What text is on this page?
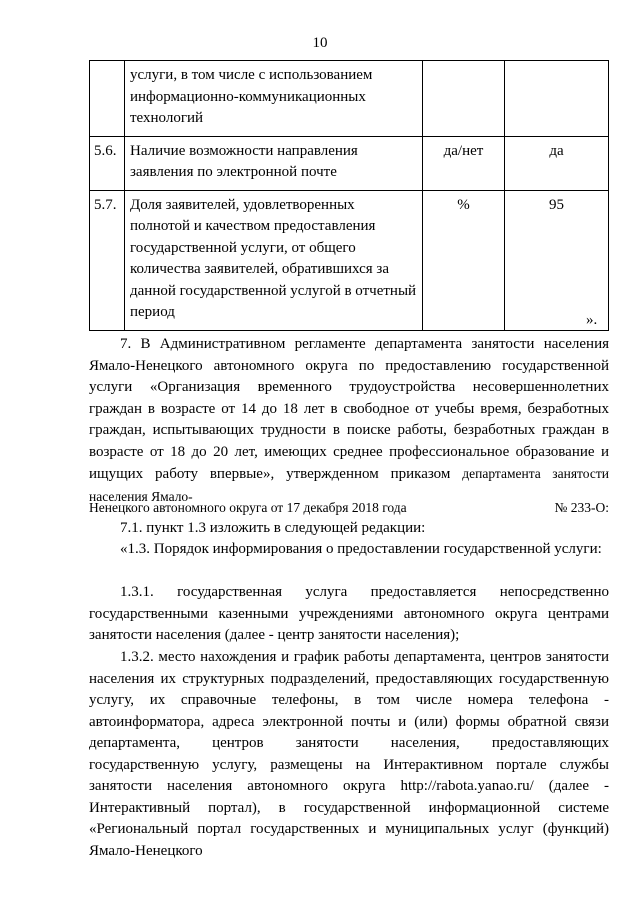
10
	услуги, в том числе с использованием информационно-коммуникационных технологий		
5.6.	Наличие возможности направления заявления по электронной почте	да/нет	да
5.7.	Доля заявителей, удовлетворенных полнотой и качеством предоставления государственной услуги, от общего количества заявителей, обратившихся за данной государственной услугой в отчетный период	%	95
».
7. В Административном регламенте департамента занятости населения Ямало-Ненецкого автономного округа по предоставлению государственной услуги «Организация временного трудоустройства несовершеннолетних граждан в возрасте от 14 до 18 лет в свободное от учебы время, безработных граждан, испытывающих трудности в поиске работы, безработных граждан в возрасте от 18 до 20 лет, имеющих среднее профессиональное образование и ищущих работу впервые», утвержденном приказом департамента занятости населения Ямало-
Ненецкого автономного округа от 17 декабря 2018 года	№ 233-О:

7.1. пункт 1.3 изложить в следующей редакции:

«1.3. Порядок информирования о предоставлении государственной услуги:

1.3.1. государственная услуга предоставляется непосредственно государственными казенными учреждениями автономного округа центрами занятости населения (далее - центр занятости населения);

1.3.2. место нахождения и график работы департамента, центров занятости населения их структурных подразделений, предоставляющих государственную услугу, их справочные телефоны, в том числе номера телефона - автоинформатора, адреса электронной почты и (или) формы обратной связи департамента, центров занятости населения, предоставляющих государственную услугу, размещены на Интерактивном портале службы занятости населения автономного округа http://rabota.yanao.ru/ (далее - Интерактивный портал), в государственной информационной системе «Региональный портал государственных и муниципальных услуг (функций) Ямало-Ненецкого
